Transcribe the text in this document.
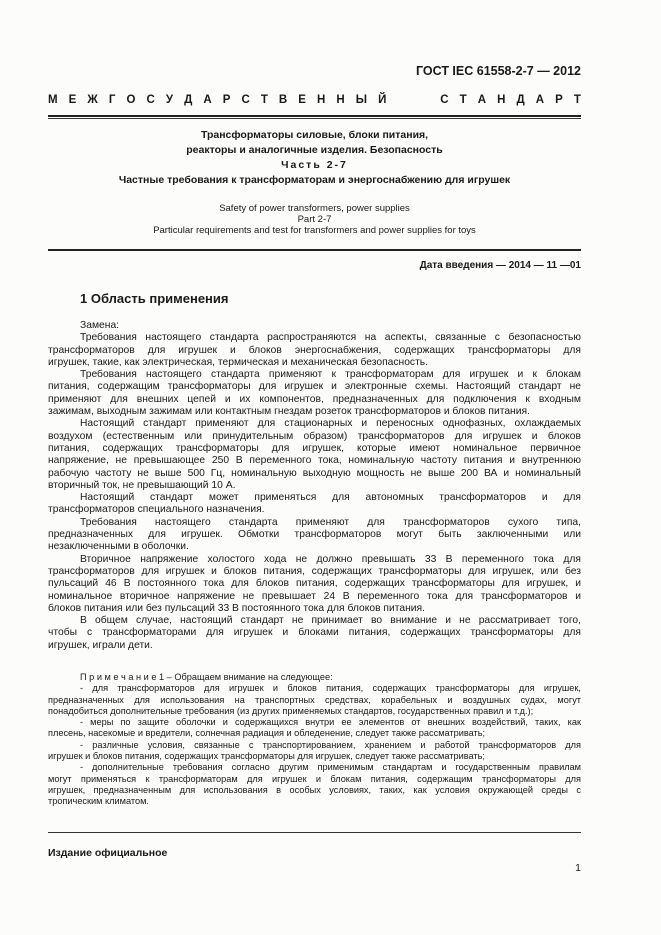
ГОСТ IEC 61558-2-7 — 2012
М Е Ж Г О С У Д А Р С Т В Е Н Н Ы Й

	С Т А Н Д А Р Т
Трансформаторы силовые, блоки питания,
реакторы и аналогичные изделия. Безопасность
Часть 2-7
Частные требования к трансформаторам и энергоснабжению для игрушек
Safety of power transformers, power supplies
Part 2-7
Particular requirements and test for transformers and power supplies for toys
Дата введения — 2014 — 11 —01
1 Область применения
Замена:
Требования настоящего стандарта распространяются на аспекты, связанные с безопасностью
трансформаторов для игрушек и блоков энергоснабжения, содержащих трансформаторы для
игрушек, такие, как электрическая, термическая и механическая безопасность.
Требования настоящего стандарта применяют к трансформаторам для игрушек и к блокам
питания, содержащим трансформаторы для игрушек и электронные схемы. Настоящий стандарт не
применяют для внешних цепей и их компонентов, предназначенных для подключения к входным
зажимам, выходным зажимам или контактным гнездам розеток трансформаторов и блоков питания.
Настоящий стандарт применяют для стационарных и переносных однофазных, охлаждаемых
воздухом (естественным или принудительным образом) трансформаторов для игрушек и блоков
питания, содержащих трансформаторы для игрушек, которые имеют номинальное первичное
напряжение, не превышающее 250 В переменного тока, номинальную частоту питания и внутреннюю
рабочую частоту не выше 500 Гц, номинальную выходную мощность не выше 200 ВА и номинальный
вторичный ток, не превышающий 10 А.
Настоящий стандарт может применяться для автономных трансформаторов и для
трансформаторов специального назначения.
Требования настоящего стандарта применяют для трансформаторов сухого типа,
предназначенных для игрушек. Обмотки трансформаторов могут быть заключенными или
незаключенными в оболочки.
Вторичное напряжение холостого хода не должно превышать 33 В переменного тока для
трансформаторов для игрушек и блоков питания, содержащих трансформаторы для игрушек, или без
пульсаций 46 В постоянного тока для блоков питания, содержащих трансформаторы для игрушек, и
номинальное вторичное напряжение не превышает 24 В переменного тока для трансформаторов и
блоков питания или без пульсаций 33 В постоянного тока для блоков питания.
В общем случае, настоящий стандарт не принимает во внимание и не рассматривает того,
чтобы с трансформаторами для игрушек и блоками питания, содержащих трансформаторы для
игрушек, играли дети.
П р и м е ч а н и е 1 – Обращаем внимание на следующее:
- для трансформаторов для игрушек и блоков питания, содержащих трансформаторы для игрушек,
предназначенных для использования на транспортных средствах, корабельных и воздушных судах, могут
понадобиться дополнительные требования (из других применяемых стандартов, государственных правил и т.д.);
- меры по защите оболочки и содержащихся внутри ее элементов от внешних воздействий, таких, как
плесень, насекомые и вредители, солнечная радиация и обледенение, следует также рассматривать;
- различные условия, связанные с транспортированием, хранением и работой трансформаторов для
игрушек и блоков питания, содержащих трансформаторы для игрушек, следует также рассматривать;
- дополнительные требования согласно другим применимым стандартам и государственным правилам
могут применяться к трансформаторам для игрушек и блокам питания, содержащим трансформаторы для
игрушек, предназначенным для использования в особых условиях, таких, как условия окружающей среды с
тропическим климатом.
Издание официальное
1
